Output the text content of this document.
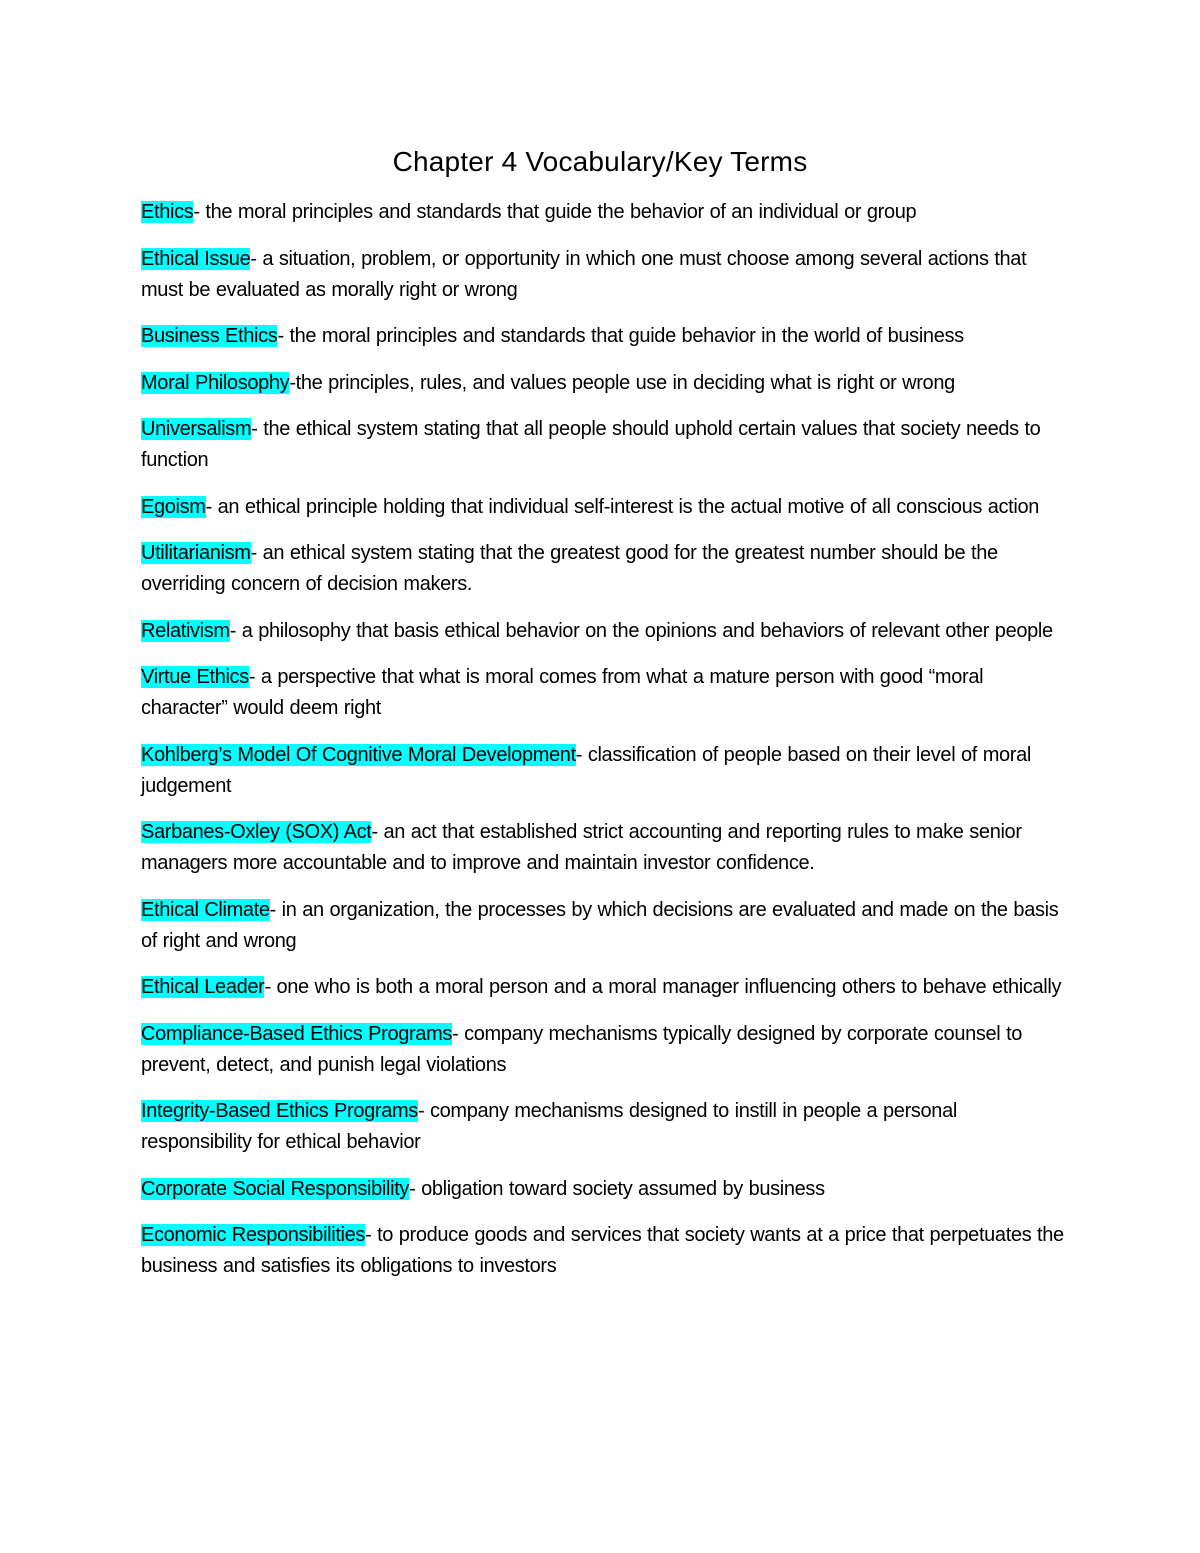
Chapter 4 Vocabulary/Key Terms
Ethics- the moral principles and standards that guide the behavior of an individual or group
Ethical Issue- a situation, problem, or opportunity in which one must choose among several actions that must be evaluated as morally right or wrong
Business Ethics- the moral principles and standards that guide behavior in the world of business
Moral Philosophy-the principles, rules, and values people use in deciding what is right or wrong
Universalism- the ethical system stating that all people should uphold certain values that society needs to function
Egoism- an ethical principle holding that individual self-interest is the actual motive of all conscious action
Utilitarianism- an ethical system stating that the greatest good for the greatest number should be the overriding concern of decision makers.
Relativism- a philosophy that basis ethical behavior on the opinions and behaviors of relevant other people
Virtue Ethics- a perspective that what is moral comes from what a mature person with good “moral character” would deem right
Kohlberg’s Model Of Cognitive Moral Development- classification of people based on their level of moral judgement
Sarbanes-Oxley (SOX) Act- an act that established strict accounting and reporting rules to make senior managers more accountable and to improve and maintain investor confidence.
Ethical Climate- in an organization, the processes by which decisions are evaluated and made on the basis of right and wrong
Ethical Leader- one who is both a moral person and a moral manager influencing others to behave ethically
Compliance-Based Ethics Programs- company mechanisms typically designed by corporate counsel to prevent, detect, and punish legal violations
Integrity-Based Ethics Programs- company mechanisms designed to instill in people a personal responsibility for ethical behavior
Corporate Social Responsibility- obligation toward society assumed by business
Economic Responsibilities- to produce goods and services that society wants at a price that perpetuates the business and satisfies its obligations to investors
